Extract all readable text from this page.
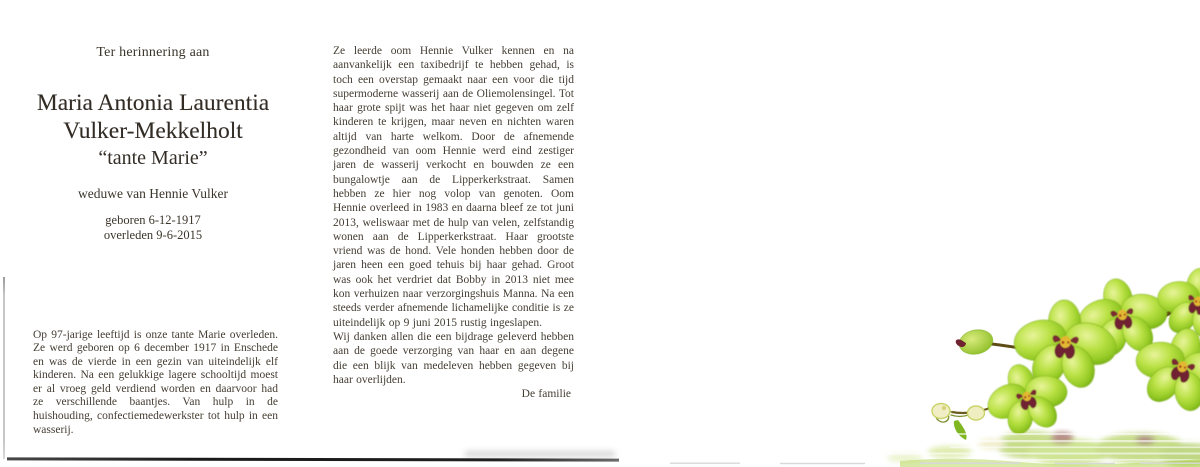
Ter herinnering aan
Maria Antonia Laurentia
Vulker-Mekkelholt
“tante Marie”
weduwe van Hennie Vulker
geboren 6-12-1917
overleden 9-6-2015

Op 97-jarige leeftijd is onze tante Marie overleden. Ze werd geboren op 6 december 1917 in Enschede en was de vierde in een gezin van uiteindelijk elf kinderen. Na een gelukkige lagere schooltijd moest er al vroeg geld verdiend worden en daarvoor had ze verschillende baantjes. Van hulp in de huishouding, confectiemedewerkster tot hulp in een wasserij.

Ze leerde oom Hennie Vulker kennen en na aanvankelijk een taxibedrijf te hebben gehad, is toch een overstap gemaakt naar een voor die tijd supermoderne wasserij aan de Oliemolensingel. Tot haar grote spijt was het haar niet gegeven om zelf kinderen te krijgen, maar neven en nichten waren altijd van harte welkom. Door de afnemende gezondheid van oom Hennie werd eind zestiger jaren de wasserij verkocht en bouwden ze een bungalowtje aan de Lipperkerkstraat. Samen hebben ze hier nog volop van genoten. Oom Hennie overleed in 1983 en daarna bleef ze tot juni 2013, weliswaar met de hulp van velen, zelfstandig wonen aan de Lipperkerkstraat. Haar grootste vriend was de hond. Vele honden hebben door de jaren heen een goed tehuis bij haar gehad. Groot was ook het verdriet dat Bobby in 2013 niet mee kon verhuizen naar verzorgingshuis Manna. Na een steeds verder afnemende lichamelijke conditie is ze uiteindelijk op 9 juni 2015 rustig ingeslapen.

Wij danken allen die een bijdrage geleverd hebben aan de goede verzorging van haar en aan degene die een blijk van medeleven hebben gegeven bij haar overlijden.

De familie
